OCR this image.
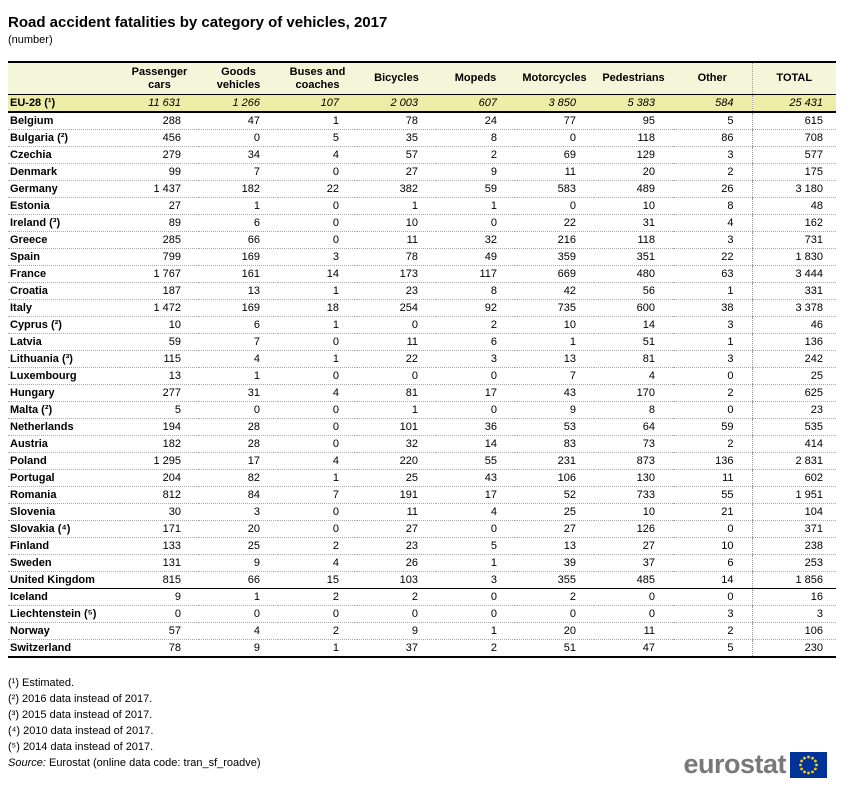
Road accident fatalities by category of vehicles, 2017
(number)
	Passenger cars	Goods vehicles	Buses and coaches	Bicycles	Mopeds	Motorcycles	Pedestrians	Other	TOTAL
EU-28 (¹)	11 631	1 266	107	2 003	607	3 850	5 383	584	25 431
Belgium	288	47	1	78	24	77	95	5	615
Bulgaria (²)	456	0	5	35	8	0	118	86	708
Czechia	279	34	4	57	2	69	129	3	577
Denmark	99	7	0	27	9	11	20	2	175
Germany	1 437	182	22	382	59	583	489	26	3 180
Estonia	27	1	0	1	1	0	10	8	48
Ireland (³)	89	6	0	10	0	22	31	4	162
Greece	285	66	0	11	32	216	118	3	731
Spain	799	169	3	78	49	359	351	22	1 830
France	1 767	161	14	173	117	669	480	63	3 444
Croatia	187	13	1	23	8	42	56	1	331
Italy	1 472	169	18	254	92	735	600	38	3 378
Cyprus (²)	10	6	1	0	2	10	14	3	46
Latvia	59	7	0	11	6	1	51	1	136
Lithuania (³)	115	4	1	22	3	13	81	3	242
Luxembourg	13	1	0	0	0	7	4	0	25
Hungary	277	31	4	81	17	43	170	2	625
Malta (²)	5	0	0	1	0	9	8	0	23
Netherlands	194	28	0	101	36	53	64	59	535
Austria	182	28	0	32	14	83	73	2	414
Poland	1 295	17	4	220	55	231	873	136	2 831
Portugal	204	82	1	25	43	106	130	11	602
Romania	812	84	7	191	17	52	733	55	1 951
Slovenia	30	3	0	11	4	25	10	21	104
Slovakia (⁴)	171	20	0	27	0	27	126	0	371
Finland	133	25	2	23	5	13	27	10	238
Sweden	131	9	4	26	1	39	37	6	253
United Kingdom	815	66	15	103	3	355	485	14	1 856
Iceland	9	1	2	2	0	2	0	0	16
Liechtenstein (⁵)	0	0	0	0	0	0	0	3	3
Norway	57	4	2	9	1	20	11	2	106
Switzerland	78	9	1	37	2	51	47	5	230
(¹) Estimated.
(²) 2016 data instead of 2017.
(³) 2015 data instead of 2017.
(⁴) 2010 data instead of 2017.
(⁵) 2014 data instead of 2017.
Source: Eurostat (online data code: tran_sf_roadve)	eurostat
